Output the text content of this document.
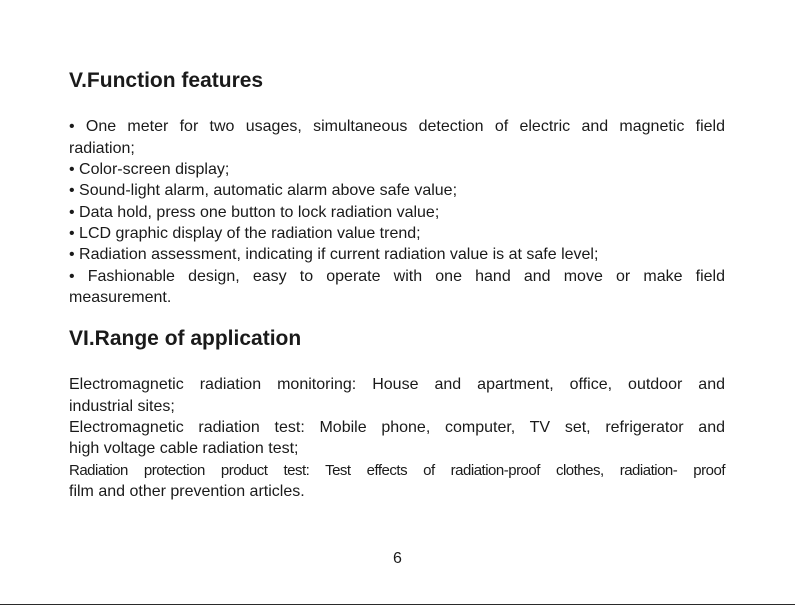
V.Function features

• One meter for two usages, simultaneous detection of electric and magnetic field

radiation;

• Color-screen display;

• Sound-light alarm, automatic alarm above safe value;

• Data hold, press one button to lock radiation value;

• LCD graphic display of the radiation value trend;

• Radiation assessment, indicating if current radiation value is at safe level;

• Fashionable design, easy to operate with one hand and move or make field

measurement.

VI.Range of application

Electromagnetic radiation monitoring: House and apartment, office, outdoor and

industrial sites;

Electromagnetic radiation test: Mobile phone, computer, TV set, refrigerator and

high voltage cable radiation test;

Radiation protection product test: Test effects of radiation-proof clothes, radiation- proof

film and other prevention articles.

6
